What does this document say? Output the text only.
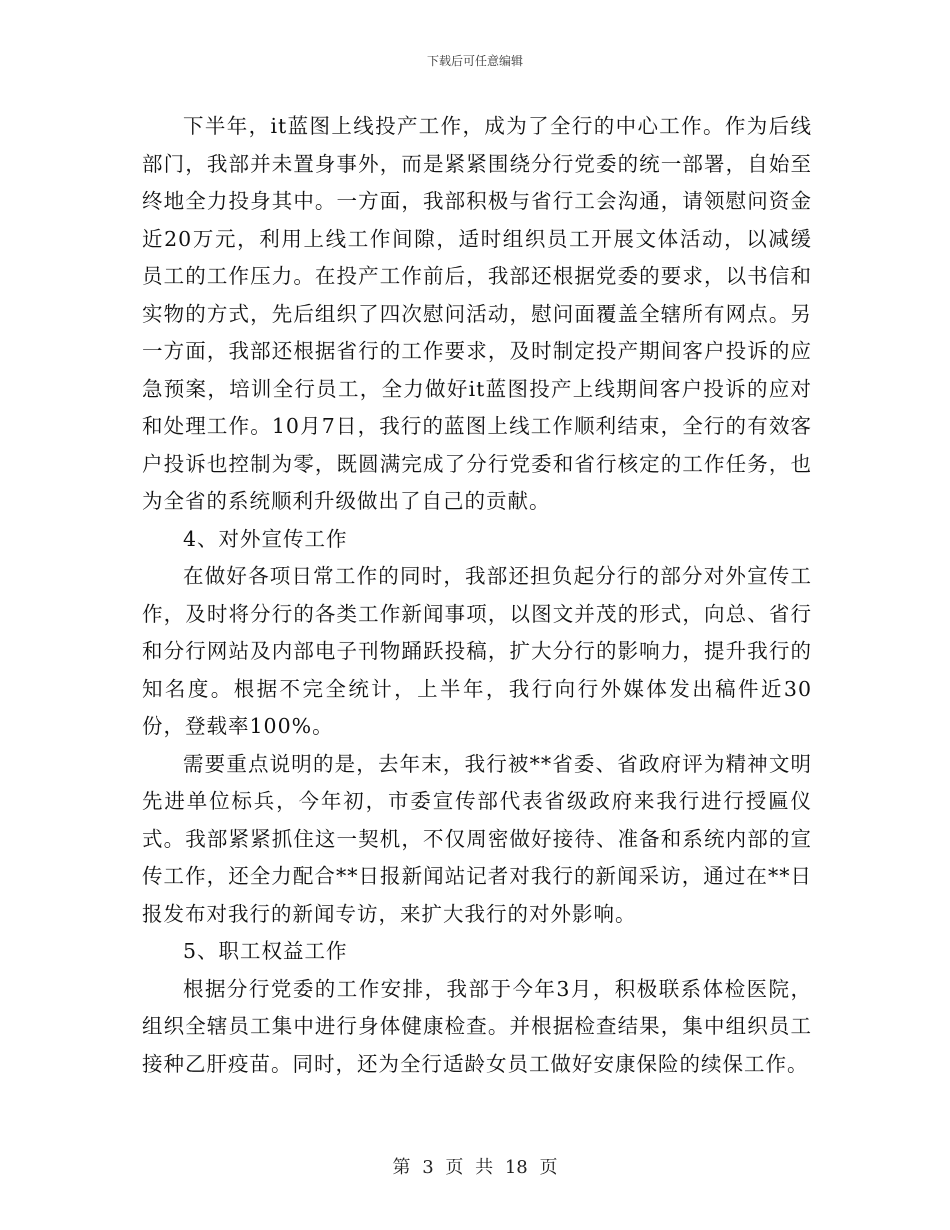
下载后可任意编辑

下半年，it蓝图上线投产工作，成为了全行的中心工作。作为后线部门，我部并未置身事外，而是紧紧围绕分行党委的统一部署，自始至终地全力投身其中。一方面，我部积极与省行工会沟通，请领慰问资金近20万元，利用上线工作间隙，适时组织员工开展文体活动，以减缓员工的工作压力。在投产工作前后，我部还根据党委的要求，以书信和实物的方式，先后组织了四次慰问活动，慰问面覆盖全辖所有网点。另一方面，我部还根据省行的工作要求，及时制定投产期间客户投诉的应急预案，培训全行员工，全力做好it蓝图投产上线期间客户投诉的应对和处理工作。10月7日，我行的蓝图上线工作顺利结束，全行的有效客户投诉也控制为零，既圆满完成了分行党委和省行核定的工作任务，也为全省的系统顺利升级做出了自己的贡献。

4、对外宣传工作

在做好各项日常工作的同时，我部还担负起分行的部分对外宣传工作，及时将分行的各类工作新闻事项，以图文并茂的形式，向总、省行和分行网站及内部电子刊物踊跃投稿，扩大分行的影响力，提升我行的知名度。根据不完全统计，上半年，我行向行外媒体发出稿件近30份，登载率100%。

需要重点说明的是，去年末，我行被**省委、省政府评为精神文明先进单位标兵，今年初，市委宣传部代表省级政府来我行进行授匾仪式。我部紧紧抓住这一契机，不仅周密做好接待、准备和系统内部的宣传工作，还全力配合**日报新闻站记者对我行的新闻采访，通过在**日报发布对我行的新闻专访，来扩大我行的对外影响。

5、职工权益工作

根据分行党委的工作安排，我部于今年3月，积极联系体检医院，组织全辖员工集中进行身体健康检查。并根据检查结果，集中组织员工接种乙肝疫苗。同时，还为全行适龄女员工做好安康保险的续保工作。

第 3 页 共 18 页
